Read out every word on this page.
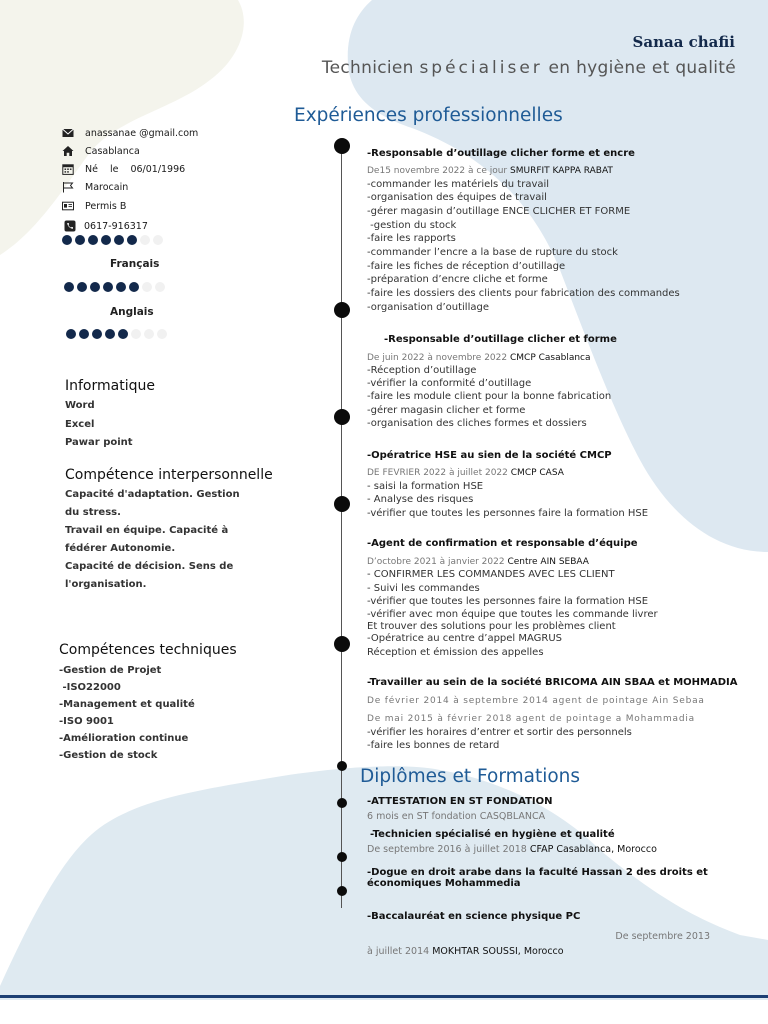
Sanaa chafii
Technicien spécialiser en hygiène et qualité
anassanae @gmail.com
Casablanca
Né le 06/01/1996
Marocain
Permis B
0617-916317
Français
Anglais
Informatique
Word
Excel
Pawar point
Compétence interpersonnelle
Capacité d'adaptation. Gestion
du stress.
Travail en équipe. Capacité à
fédérer Autonomie.
Capacité de décision. Sens de
l'organisation.
Compétences techniques
-Gestion de Projet
-ISO22000
-Management et qualité
-ISO 9001
-Amélioration continue
-Gestion de stock
Expériences professionnelles
-Responsable d’outillage clicher forme et encre
De15 novembre 2022 à ce jour SMURFIT KAPPA RABAT
-commander les matériels du travail
-organisation des équipes de travail
-gérer magasin d’outillage ENCE CLICHER ET FORME
-gestion du stock
-faire les rapports
-commander l’encre a la base de rupture du stock
-faire les fiches de réception d’outillage
-préparation d’encre cliche et forme
-faire les dossiers des clients pour fabrication des commandes
-organisation d’outillage
-Responsable d’outillage clicher et forme
De juin 2022 à novembre 2022 CMCP Casablanca
-Réception d’outillage
-vérifier la conformité d’outillage
-faire les module client pour la bonne fabrication
-gérer magasin clicher et forme
-organisation des cliches formes et dossiers
-Opératrice HSE au sien de la société CMCP
DE FEVRIER 2022 à juillet 2022 CMCP CASA
- saisi la formation HSE
- Analyse des risques
-vérifier que toutes les personnes faire la formation HSE
-Agent de confirmation et responsable d’équipe
D’octobre 2021 à janvier 2022 Centre AIN SEBAA
- CONFIRMER LES COMMANDES AVEC LES CLIENT
- Suivi les commandes
-vérifier que toutes les personnes faire la formation HSE
-vérifier avec mon équipe que toutes les commande livrer
Et trouver des solutions pour les problèmes client
-Opératrice au centre d’appel MAGRUS
Réception et émission des appelles
-Travailler au sein de la société BRICOMA AIN SBAA et MOHMADIA
De février 2014 à septembre 2014 agent de pointage Ain Sebaa
De mai 2015 à février 2018 agent de pointage a Mohammadia
-vérifier les horaires d’entrer et sortir des personnels
-faire les bonnes de retard
Diplômes et Formations
-ATTESTATION EN ST FONDATION
6 mois en ST fondation CASQBLANCA
-Technicien spécialisé en hygiène et qualité
De septembre 2016 à juillet 2018 CFAP Casablanca, Morocco
-Dogue en droit arabe dans la faculté Hassan 2 des droits et économiques Mohammedia
-Baccalauréat en science physique PC
De septembre 2013
à juillet 2014 MOKHTAR SOUSSI, Morocco
